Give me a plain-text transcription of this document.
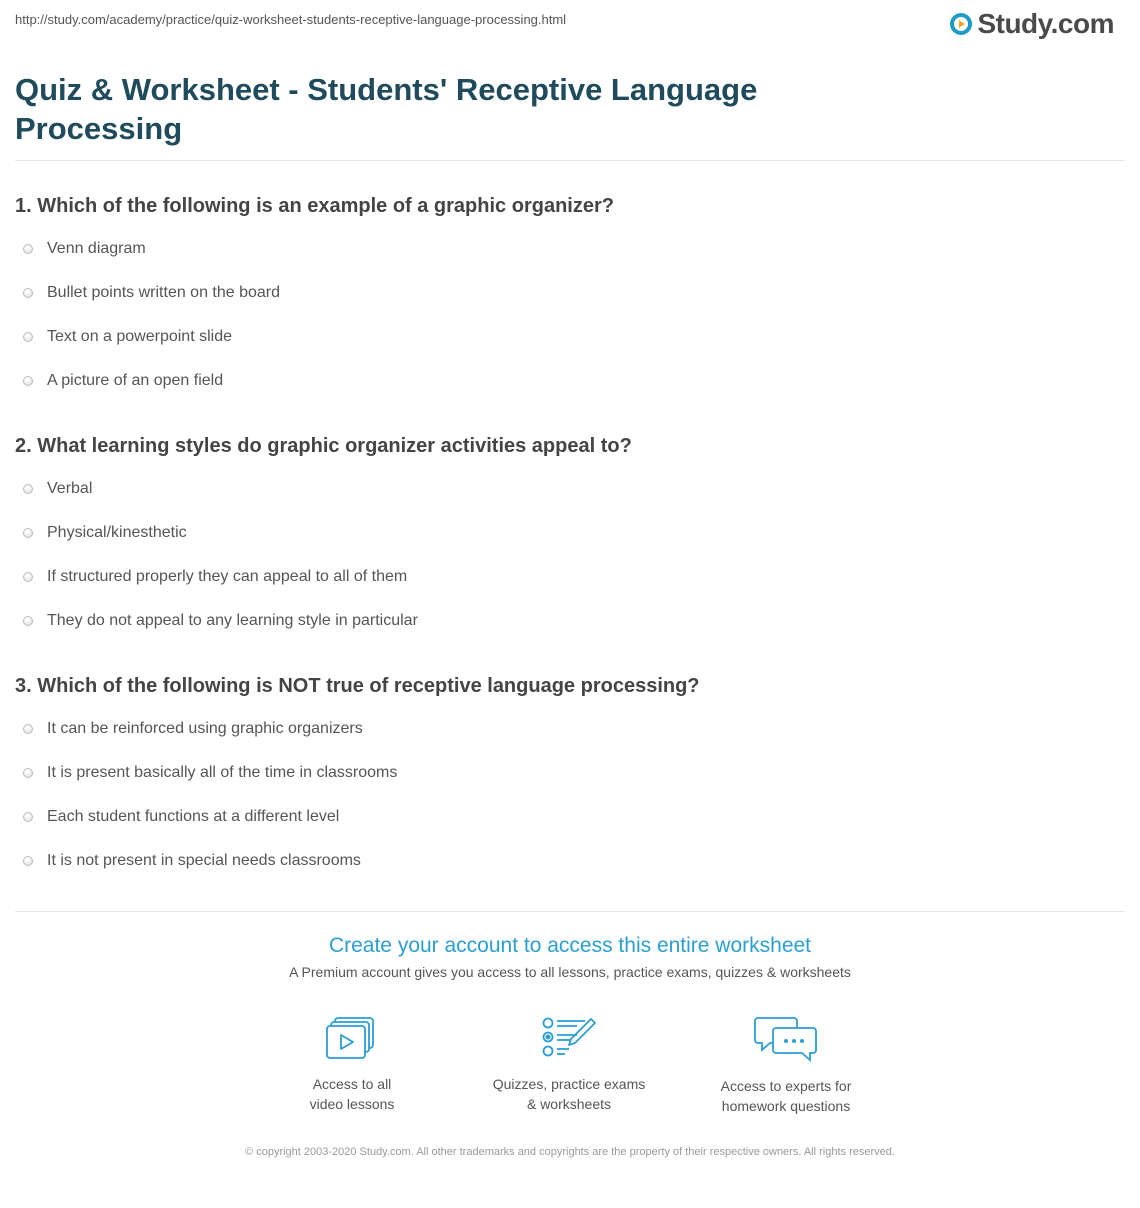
http://study.com/academy/practice/quiz-worksheet-students-receptive-language-processing.html	Study.com
Quiz & Worksheet - Students' Receptive Language Processing
1. Which of the following is an example of a graphic organizer?
Venn diagram
Bullet points written on the board
Text on a powerpoint slide
A picture of an open field
2. What learning styles do graphic organizer activities appeal to?
Verbal
Physical/kinesthetic
If structured properly they can appeal to all of them
They do not appeal to any learning style in particular
3. Which of the following is NOT true of receptive language processing?
It can be reinforced using graphic organizers
It is present basically all of the time in classrooms
Each student functions at a different level
It is not present in special needs classrooms
Create your account to access this entire worksheet
A Premium account gives you access to all lessons, practice exams, quizzes & worksheets
Access to all
video lessons
Quizzes, practice exams
& worksheets
Access to experts for
homework questions
© copyright 2003-2020 Study.com. All other trademarks and copyrights are the property of their respective owners. All rights reserved.
